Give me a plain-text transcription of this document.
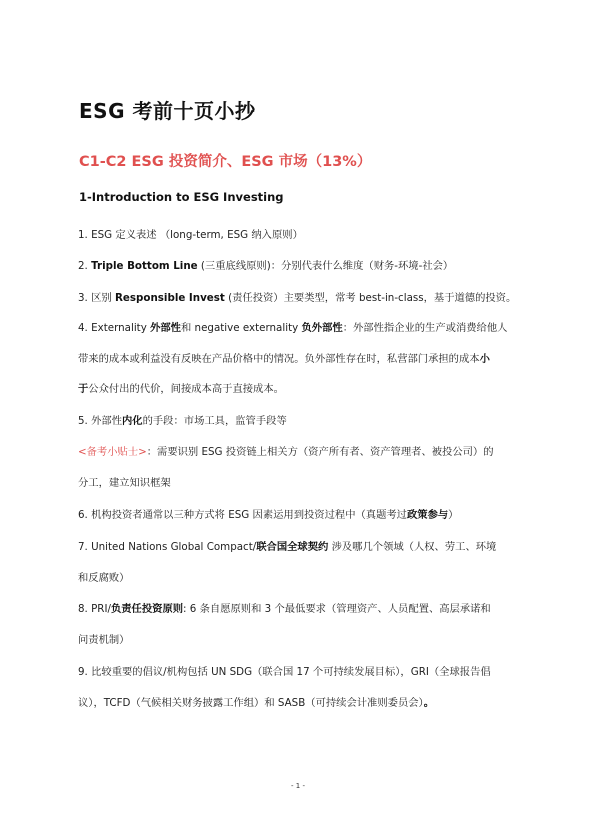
ESG 考前十页小抄
C1-C2 ESG 投资简介、ESG 市场（13%）
1-Introduction to ESG Investing
1. ESG 定义表述 （long-term, ESG 纳入原则）
2. Triple Bottom Line (三重底线原则)：分别代表什么维度（财务-环境-社会）
3. 区别 Responsible Invest (责任投资）主要类型，常考 best-in-class，基于道德的投资。
4. Externality 外部性和 negative externality 负外部性：外部性指企业的生产或消费给他人
带来的成本或利益没有反映在产品价格中的情况。负外部性存在时，私营部门承担的成本小
于公众付出的代价，间接成本高于直接成本。
5. 外部性内化的手段：市场工具，监管手段等
<备考小贴士>：需要识别 ESG 投资链上相关方（资产所有者、资产管理者、被投公司）的
分工，建立知识框架
6. 机构投资者通常以三种方式将 ESG 因素运用到投资过程中（真题考过政策参与）
7. United Nations Global Compact/联合国全球契约 涉及哪几个领域（人权、劳工、环境
和反腐败）
8. PRI/负责任投资原则: 6 条自愿原则和 3 个最低要求（管理资产、人员配置、高层承诺和
问责机制）
9. 比较重要的倡议/机构包括 UN SDG（联合国 17 个可持续发展目标），GRI（全球报告倡
议），TCFD（气候相关财务披露工作组）和 SASB（可持续会计准则委员会）。
- 1 -
